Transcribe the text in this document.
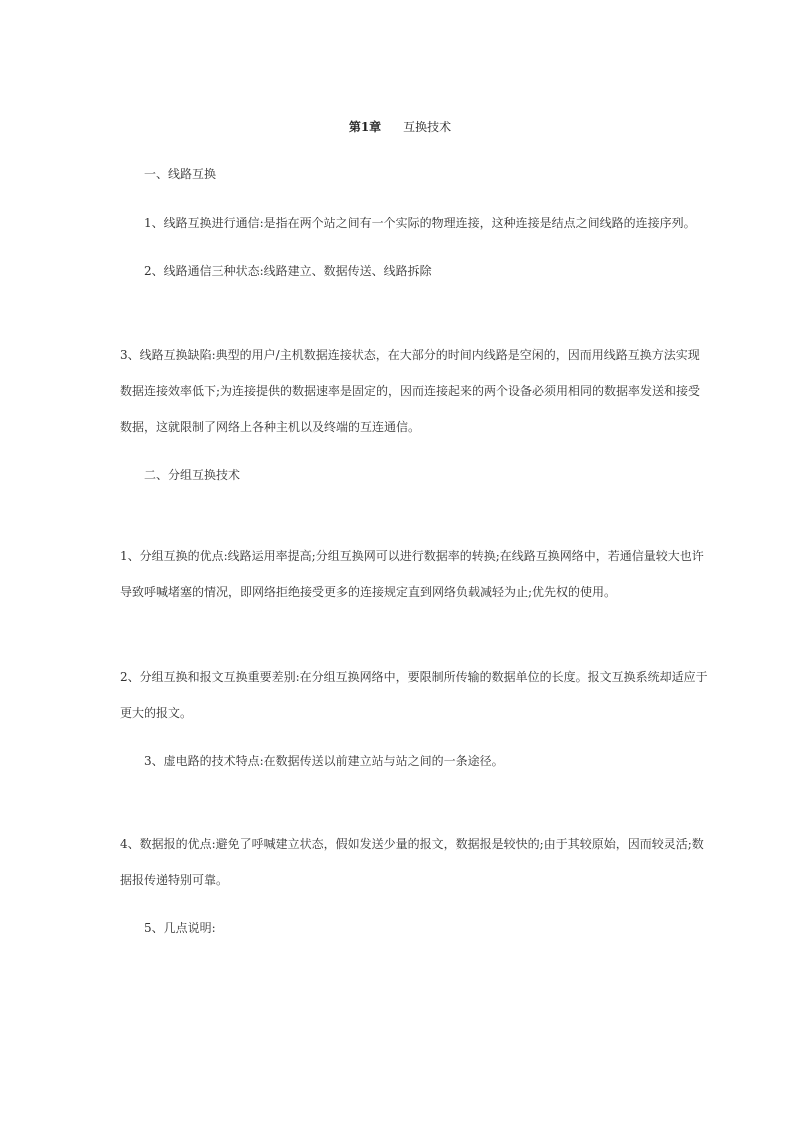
第1章 互换技术
一、线路互换
1、线路互换进行通信:是指在两个站之间有一个实际的物理连接，这种连接是结点之间线路的连接序列。
2、线路通信三种状态:线路建立、数据传送、线路拆除
3、线路互换缺陷:典型的用户/主机数据连接状态，在大部分的时间内线路是空闲的，因而用线路互换方法实现
数据连接效率低下;为连接提供的数据速率是固定的，因而连接起来的两个设备必须用相同的数据率发送和接受
数据，这就限制了网络上各种主机以及终端的互连通信。
二、分组互换技术
1、分组互换的优点:线路运用率提高;分组互换网可以进行数据率的转换;在线路互换网络中，若通信量较大也许
导致呼喊堵塞的情况，即网络拒绝接受更多的连接规定直到网络负载减轻为止;优先权的使用。
2、分组互换和报文互换重要差别:在分组互换网络中，要限制所传输的数据单位的长度。报文互换系统却适应于
更大的报文。
3、虚电路的技术特点:在数据传送以前建立站与站之间的一条途径。
4、数据报的优点:避免了呼喊建立状态，假如发送少量的报文，数据报是较快的;由于其较原始，因而较灵活;数
据报传递特别可靠。
5、几点说明:
